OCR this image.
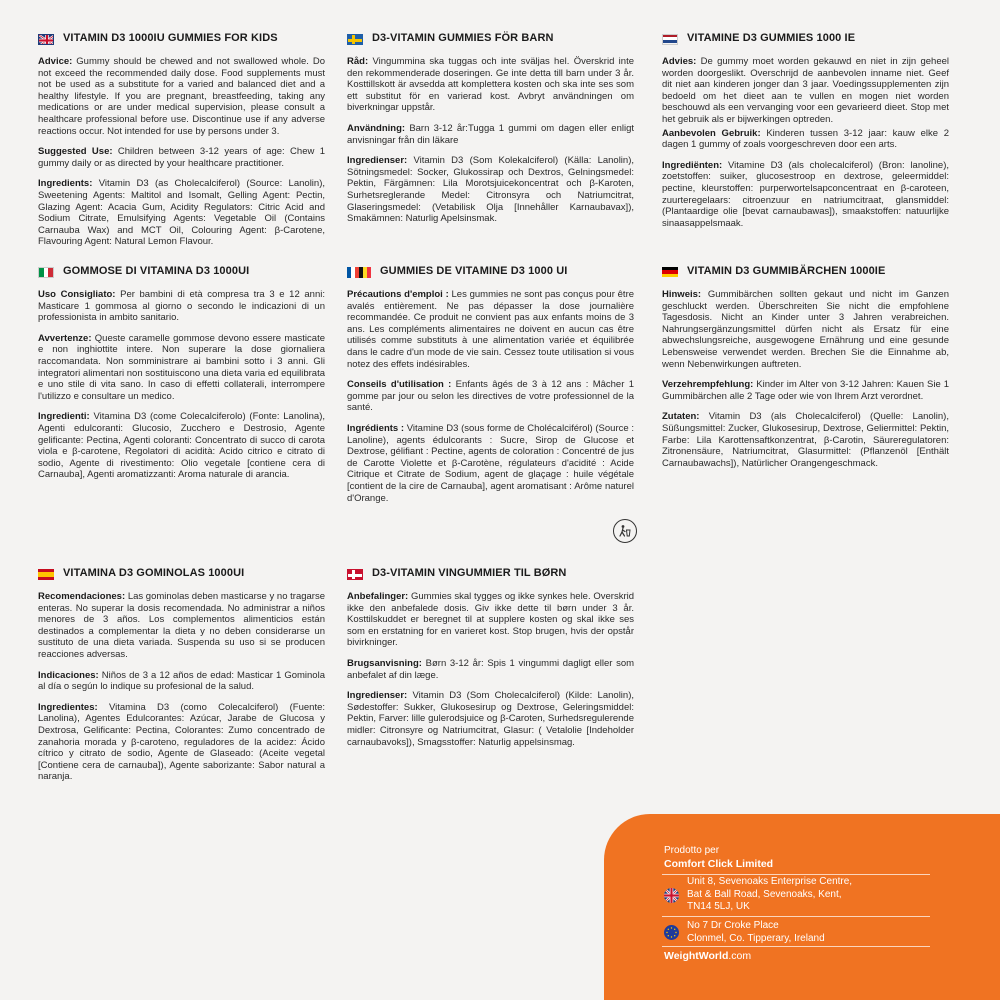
VITAMIN D3 1000IU GUMMIES FOR KIDS

Advice: Gummy should be chewed and not swallowed whole. Do not exceed the recommended daily dose. Food supplements must not be used as a substitute for a varied and balanced diet and a healthy lifestyle. If you are pregnant, breastfeeding, taking any medications or are under medical supervision, please consult a healthcare professional before use. Discontinue use if any adverse reactions occur. Not intended for use by persons under 3.

Suggested Use: Children between 3-12 years of age: Chew 1 gummy daily or as directed by your healthcare practitioner.

Ingredients: Vitamin D3 (as Cholecalciferol) (Source: Lanolin), Sweetening Agents: Maltitol and Isomalt, Gelling Agent: Pectin, Glazing Agent: Acacia Gum, Acidity Regulators: Citric Acid and Sodium Citrate, Emulsifying Agents: Vegetable Oil (Contains Carnauba Wax) and MCT Oil, Colouring Agent: β-Carotene, Flavouring Agent: Natural Lemon Flavour.

D3-VITAMIN GUMMIES FÖR BARN

Råd: Vingummina ska tuggas och inte sväljas hel. Överskrid inte den rekommenderade doseringen. Ge inte detta till barn under 3 år. Kosttillskott är avsedda att komplettera kosten och ska inte ses som ett substitut för en varierad kost. Avbryt användningen om biverkningar uppstår.

Användning: Barn 3-12 år:Tugga 1 gummi om dagen eller enligt anvisningar från din läkare

Ingredienser: Vitamin D3 (Som Kolekalciferol) (Källa: Lanolin), Sötningsmedel: Socker, Glukossirap och Dextros, Gelningsmedel: Pektin, Färgämnen: Lila Morotsjuicekoncentrat och β-Karoten, Surhetsreglerande Medel: Citronsyra och Natriumcitrat, Glaseringsmedel: (Vetabilisk Olja [Innehåller Karnaubavax]), Smakämnen: Naturlig Apelsinsmak.

VITAMINE D3 GUMMIES 1000 IE

Advies: De gummy moet worden gekauwd en niet in zijn geheel worden doorgeslikt. Overschrijd de aanbevolen inname niet. Geef dit niet aan kinderen jonger dan 3 jaar. Voedingssupplementen zijn bedoeld om het dieet aan te vullen en mogen niet worden beschouwd als een vervanging voor een gevarieerd dieet. Stop met het gebruik als er bijwerkingen optreden.

Aanbevolen Gebruik: Kinderen tussen 3-12 jaar: kauw elke 2 dagen 1 gummy of zoals voorgeschreven door een arts.

Ingrediënten: Vitamine D3 (als cholecalciferol) (Bron: lanoline), zoetstoffen: suiker, glucosestroop en dextrose, geleermiddel: pectine, kleurstoffen: purperwortelsapconcentraat en β-caroteen, zuurteregelaars: citroenzuur en natriumcitraat, glansmiddel: (Plantaardige olie [bevat carnaubawas]), smaakstoffen: natuurlijke sinaasappelsmaak.

GOMMOSE DI VITAMINA D3 1000UI

Uso Consigliato: Per bambini di età compresa tra 3 e 12 anni: Masticare 1 gommosa al giorno o secondo le indicazioni di un professionista in ambito sanitario.

Avvertenze: Queste caramelle gommose devono essere masticate e non inghiottite intere. Non superare la dose giornaliera raccomandata. Non somministrare ai bambini sotto i 3 anni. Gli integratori alimentari non sostituiscono una dieta varia ed equilibrata e uno stile di vita sano. In caso di effetti collaterali, interrompere l'utilizzo e consultare un medico.

Ingredienti: Vitamina D3 (come Colecalciferolo) (Fonte: Lanolina), Agenti edulcoranti: Glucosio, Zucchero e Destrosio, Agente gelificante: Pectina, Agenti coloranti: Concentrato di succo di carota viola e β-carotene, Regolatori di acidità: Acido citrico e citrato di sodio, Agente di rivestimento: Olio vegetale [contiene cera di Carnauba], Agenti aromatizzanti: Aroma naturale di arancia.

GUMMIES DE VITAMINE D3 1000 UI

Précautions d'emploi : Les gummies ne sont pas conçus pour être avalés entièrement. Ne pas dépasser la dose journalière recommandée. Ce produit ne convient pas aux enfants moins de 3 ans. Les compléments alimentaires ne doivent en aucun cas être utilisés comme substituts à une alimentation variée et équilibrée dans le cadre d'un mode de vie sain. Cessez toute utilisation si vous notez des effets indésirables.

Conseils d'utilisation : Enfants âgés de 3 à 12 ans : Mâcher 1 gomme par jour ou selon les directives de votre professionnel de la santé.

Ingrédients : Vitamine D3 (sous forme de Cholécalciférol) (Source : Lanoline), agents édulcorants : Sucre, Sirop de Glucose et Dextrose, gélifiant : Pectine, agents de coloration : Concentré de jus de Carotte Violette et β-Carotène, régulateurs d'acidité : Acide Citrique et Citrate de Sodium, agent de glaçage : huile végétale [contient de la cire de Carnauba], agent aromatisant : Arôme naturel d'Orange.

VITAMIN D3 GUMMIBÄRCHEN 1000IE

Hinweis: Gummibärchen sollten gekaut und nicht im Ganzen geschluckt werden. Überschreiten Sie nicht die empfohlene Tagesdosis. Nicht an Kinder unter 3 Jahren verabreichen. Nahrungsergänzungsmittel dürfen nicht als Ersatz für eine abwechslungsreiche, ausgewogene Ernährung und eine gesunde Lebensweise verwendet werden. Brechen Sie die Einnahme ab, wenn Nebenwirkungen auftreten.

Verzehrempfehlung: Kinder im Alter von 3-12 Jahren: Kauen Sie 1 Gummibärchen alle 2 Tage oder wie von Ihrem Arzt verordnet.

Zutaten: Vitamin D3 (als Cholecalciferol) (Quelle: Lanolin), Süßungsmittel: Zucker, Glukosesirup, Dextrose, Geliermittel: Pektin, Farbe: Lila Karottensaftkonzentrat, β-Carotin, Säureregulatoren: Zitronensäure, Natriumcitrat, Glasurmittel: (Pflanzenöl [Enthält Carnaubawachs]), Natürlicher Orangengeschmack.

VITAMINA D3 GOMINOLAS 1000UI

Recomendaciones: Las gominolas deben masticarse y no tragarse enteras. No superar la dosis recomendada. No administrar a niños menores de 3 años. Los complementos alimenticios están destinados a complementar la dieta y no deben considerarse un sustituto de una dieta variada. Suspenda su uso si se producen reacciones adversas.

Indicaciones: Niños de 3 a 12 años de edad: Masticar 1 Gominola al día o según lo indique su profesional de la salud.

Ingredientes: Vitamina D3 (como Colecalciferol) (Fuente: Lanolina), Agentes Edulcorantes: Azúcar, Jarabe de Glucosa y Dextrosa, Gelificante: Pectina, Colorantes: Zumo concentrado de zanahoria morada y β-caroteno, reguladores de la acidez: Ácido cítrico y citrato de sodio, Agente de Glaseado: (Aceite vegetal [Contiene cera de carnauba]), Agente saborizante: Sabor natural a naranja.

D3-VITAMIN VINGUMMIER TIL BØRN

Anbefalinger: Gummies skal tygges og ikke synkes hele. Overskrid ikke den anbefalede dosis. Giv ikke dette til børn under 3 år. Kosttilskuddet er beregnet til at supplere kosten og skal ikke ses som en erstatning for en varieret kost. Stop brugen, hvis der opstår bivirkninger.

Brugsanvisning: Børn 3-12 år: Spis 1 vingummi dagligt eller som anbefalet af din læge.

Ingredienser: Vitamin D3 (Som Cholecalciferol) (Kilde: Lanolin), Sødestoffer: Sukker, Glukosesirup og Dextrose, Geleringsmiddel: Pektin, Farver: lille gulerodsjuice og β-Caroten, Surhedsregulerende midler: Citronsyre og Natriumcitrat, Glasur: ( Vetalolie [Indeholder carnaubavoks]), Smagsstoffer: Naturlig appelsinsmag.

Prodotto per
Comfort Click Limited
Unit 8, Sevenoaks Enterprise Centre,
Bat & Ball Road, Sevenoaks, Kent,
TN14 5LJ, UK
No 7 Dr Croke Place
Clonmel, Co. Tipperary, Ireland
WeightWorld.com
